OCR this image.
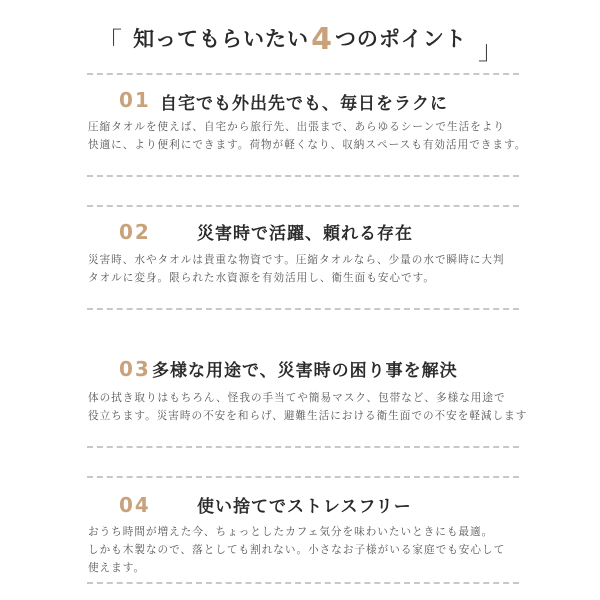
「 知ってもらいたい4つのポイント 」
01 自宅でも外出先でも、毎日をラクに
圧縮タオルを使えば、自宅から旅行先、出張まで、あらゆるシーンで生活をより
快適に、より便利にできます。荷物が軽くなり、収納スペースも有効活用できます。
02	災害時で活躍、頼れる存在
災害時、水やタオルは貴重な物資です。圧縮タオルなら、少量の水で瞬時に大判
タオルに変身。限られた水資源を有効活用し、衛生面も安心です。
03 多様な用途で、災害時の困り事を解決
体の拭き取りはもちろん、怪我の手当てや簡易マスク、包帯など、多様な用途で
役立ちます。災害時の不安を和らげ、避難生活における衛生面での不安を軽減します
04	使い捨てでストレスフリー
おうち時間が増えた今、ちょっとしたカフェ気分を味わいたいときにも最適。
しかも木製なので、落としても割れない。小さなお子様がいる家庭でも安心して
使えます。
